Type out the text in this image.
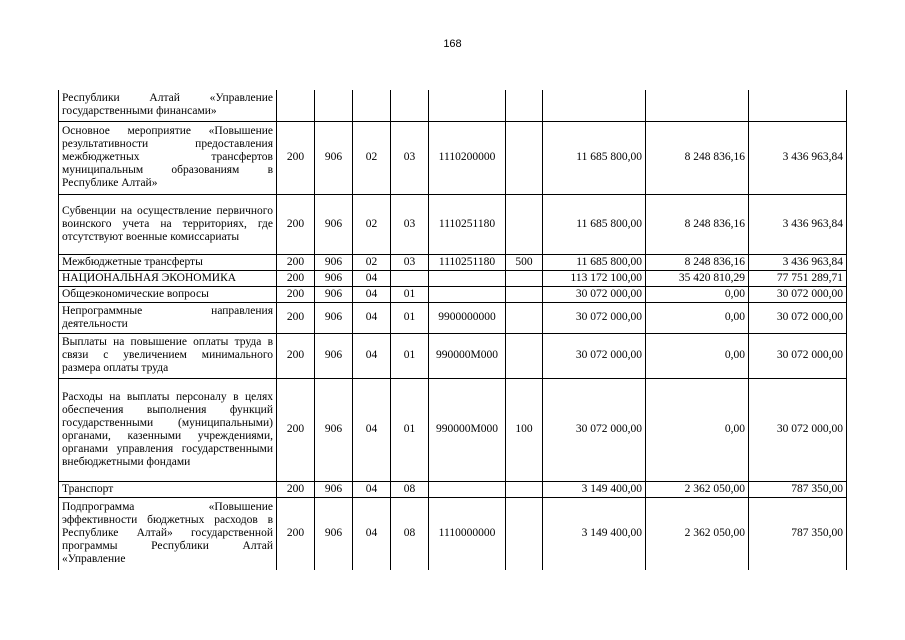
168
Республики Алтай «Управление государственными финансами»									
Основное мероприятие «Повышение результативности предоставления межбюджетных трансфертов муниципальным образованиям в Республике Алтай»	200	906	02	03	1110200000		11 685 800,00	8 248 836,16	3 436 963,84
Субвенции на осуществление первичного воинского учета на территориях, где отсутствуют военные комиссариаты	200	906	02	03	1110251180		11 685 800,00	8 248 836,16	3 436 963,84
Межбюджетные трансферты	200	906	02	03	1110251180	500	11 685 800,00	8 248 836,16	3 436 963,84
НАЦИОНАЛЬНАЯ ЭКОНОМИКА	200	906	04				113 172 100,00	35 420 810,29	77 751 289,71
Общеэкономические вопросы	200	906	04	01			30 072 000,00	0,00	30 072 000,00
Непрограммные направления деятельности	200	906	04	01	9900000000		30 072 000,00	0,00	30 072 000,00
Выплаты на повышение оплаты труда в связи с увеличением минимального размера оплаты труда	200	906	04	01	990000М000		30 072 000,00	0,00	30 072 000,00
Расходы на выплаты персоналу в целях обеспечения выполнения функций государственными (муниципальными) органами, казенными учреждениями, органами управления государственными внебюджетными фондами	200	906	04	01	990000М000	100	30 072 000,00	0,00	30 072 000,00
Транспорт	200	906	04	08			3 149 400,00	2 362 050,00	787 350,00
Подпрограмма «Повышение эффективности бюджетных расходов в Республике Алтай» государственной программы Республики Алтай «Управление	200	906	04	08	1110000000		3 149 400,00	2 362 050,00	787 350,00
